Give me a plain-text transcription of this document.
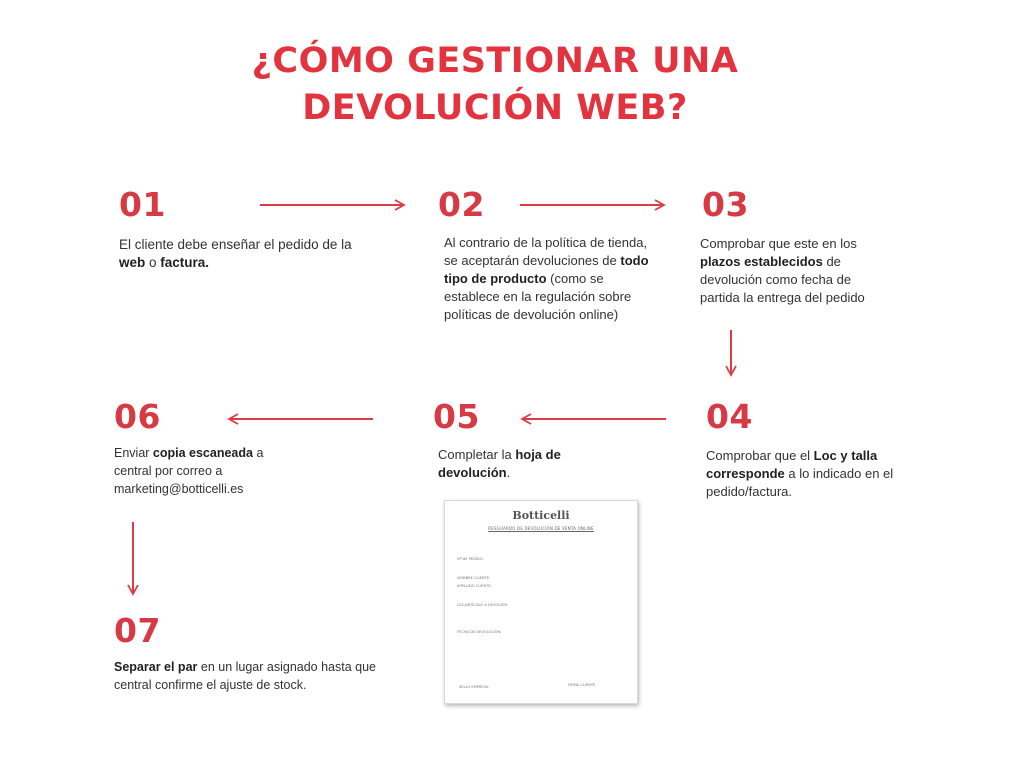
¿CÓMO GESTIONAR UNA
DEVOLUCIÓN WEB?
01
El cliente debe enseñar el pedido de la web o factura.
02
Al contrario de la política de tienda, se aceptarán devoluciones de todo tipo de producto (como se establece en la regulación sobre políticas de devolución online)
03
Comprobar que este en los plazos establecidos de devolución como fecha de partida la entrega del pedido
04
Comprobar que el Loc y talla corresponde a lo indicado en el pedido/factura.
05
Completar la hoja de devolución.
06
Enviar copia escaneada a central por correo a marketing@botticelli.es
07
Separar el par en un lugar asignado hasta que central confirme el ajuste de stock.
Botticelli
RESGUARDO DE DEVOLUCIÓN DE VENTA ONLINE
Nº DE PEDIDO:
NOMBRE CLIENTE:
APELLIDO CLIENTE:
LOC/ARTÍCULO A DEVOLVER:
FECHA DE DEVOLUCIÓN:
SELLO EMPRESA	FIRMA CLIENTE
